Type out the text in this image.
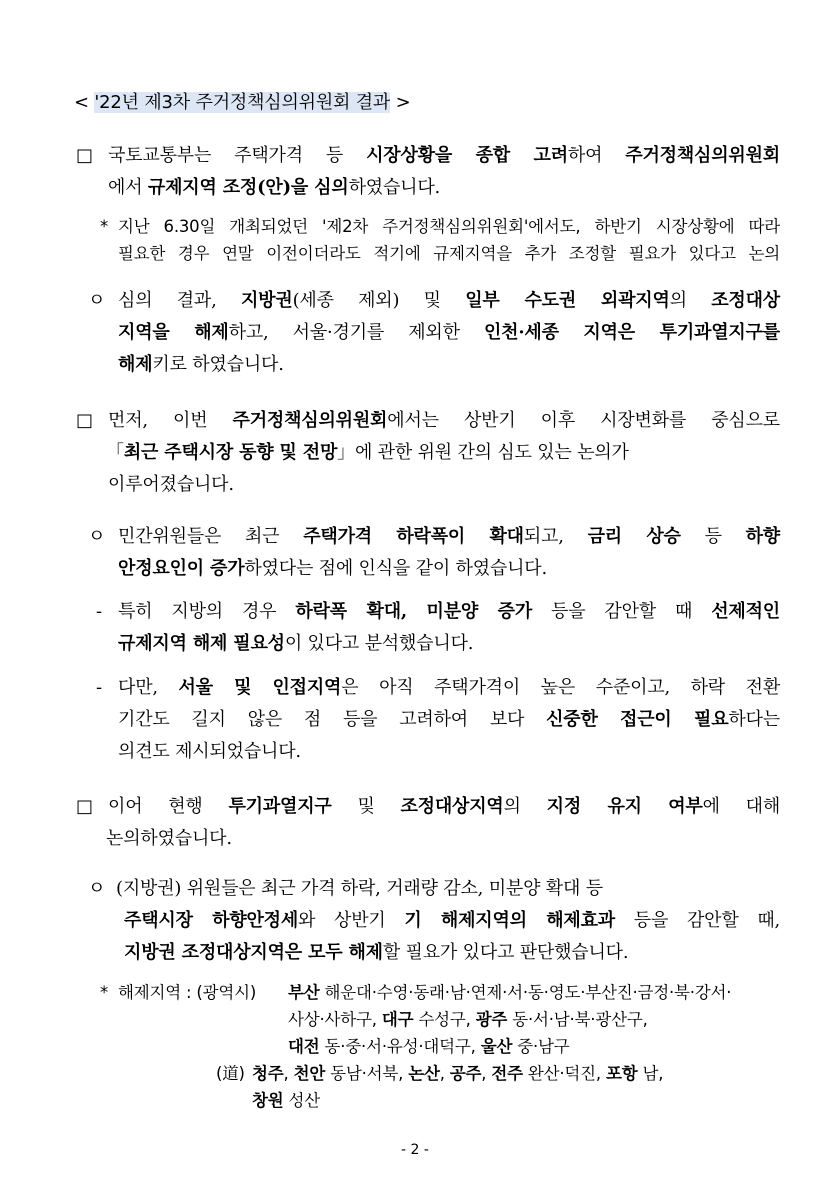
< '22년 제3차 주거정책심의위원회 결과 >
□ 국토교통부는 주택가격 등 시장상황을 종합 고려하여 주거정책심의위원회
에서 규제지역 조정(안)을 심의하였습니다.
* 지난 6.30일 개최되었던 '제2차 주거정책심의위원회'에서도, 하반기 시장상황에 따라
필요한 경우 연말 이전이더라도 적기에 규제지역을 추가 조정할 필요가 있다고 논의
ㅇ 심의 결과, 지방권(세종 제외) 및 일부 수도권 외곽지역의 조정대상
지역을 해제하고, 서울·경기를 제외한 인천·세종 지역은 투기과열지구를
해제키로 하였습니다.
□ 먼저, 이번 주거정책심의위원회에서는 상반기 이후 시장변화를 중심으로
「최근 주택시장 동향 및 전망」에 관한 위원 간의 심도 있는 논의가
이루어졌습니다.
ㅇ 민간위원들은 최근 주택가격 하락폭이 확대되고, 금리 상승 등 하향
안정요인이 증가하였다는 점에 인식을 같이 하였습니다.
- 특히 지방의 경우 하락폭 확대, 미분양 증가 등을 감안할 때 선제적인
규제지역 해제 필요성이 있다고 분석했습니다.
- 다만, 서울 및 인접지역은 아직 주택가격이 높은 수준이고, 하락 전환
기간도 길지 않은 점 등을 고려하여 보다 신중한 접근이 필요하다는
의견도 제시되었습니다.
□ 이어 현행 투기과열지구 및 조정대상지역의 지정 유지 여부에 대해
논의하였습니다.
ㅇ (지방권) 위원들은 최근 가격 하락, 거래량 감소, 미분양 확대 등
주택시장 하향안정세와 상반기 기 해제지역의 해제효과 등을 감안할 때,
지방권 조정대상지역은 모두 해제할 필요가 있다고 판단했습니다.
* 해제지역 : (광역시) 부산 해운대·수영·동래·남·연제·서·동·영도·부산진·금정·북·강서·
사상·사하구, 대구 수성구, 광주 동·서·남·북·광산구,
대전 동·중·서·유성·대덕구, 울산 중·남구
(道) 청주, 천안 동남·서북, 논산, 공주, 전주 완산·덕진, 포항 남,
창원 성산
- 2 -
